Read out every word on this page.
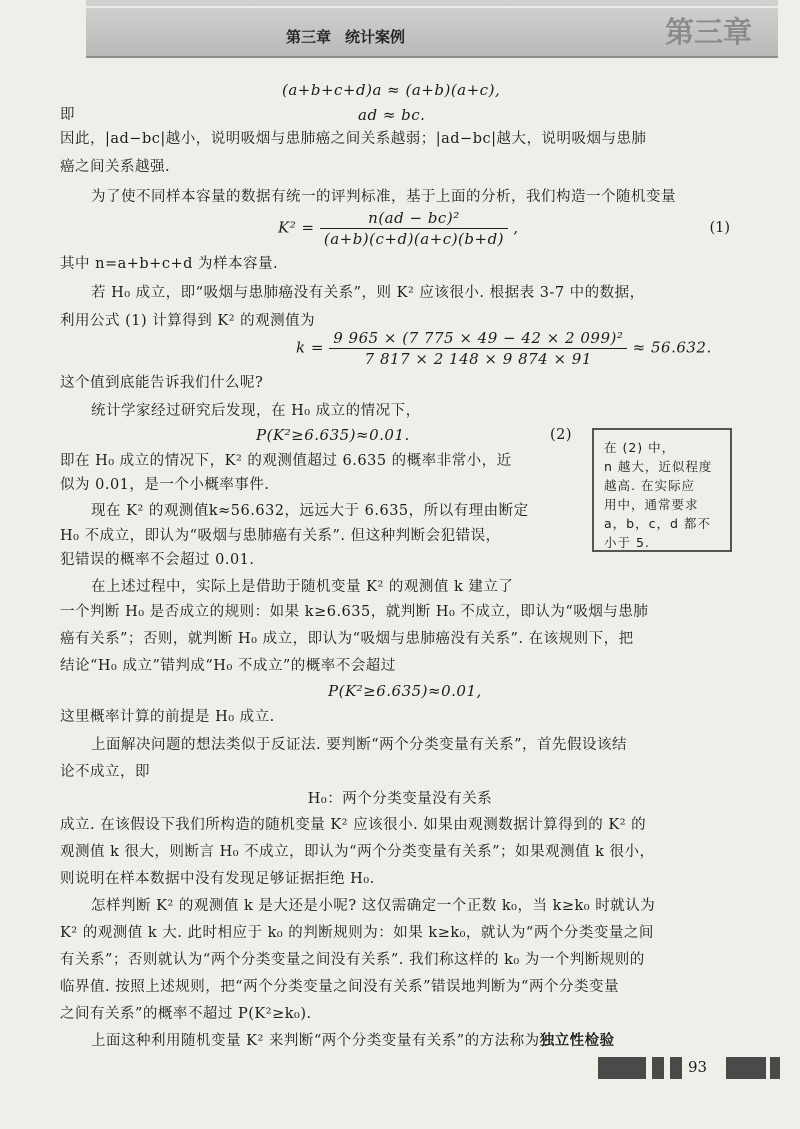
第三章 统计案例	第三章
(a+b+c+d)a ≈ (a+b)(a+c),
即	ad ≈ bc.
因此，|ad−bc|越小，说明吸烟与患肺癌之间关系越弱；|ad−bc|越大，说明吸烟与患肺
癌之间关系越强.
为了使不同样本容量的数据有统一的评判标准，基于上面的分析，我们构造一个随机变量
$K^2 = \frac{\text{n(ad − bc)²}}{(a+b)(c+d)(a+c)(b+d)}$ ,	(1)
其中 n=a+b+c+d 为样本容量.
若 H₀ 成立，即“吸烟与患肺癌没有关系”，则 K² 应该很小. 根据表 3-7 中的数据，
利用公式 (1) 计算得到 K² 的观测值为
$k = \frac{\text{9 965 × (7 775 × 49 − 42 × 2 099)²}}{7 817 \times 2 148 \times 9 874 \times 91} \approx 56.632$.
这个值到底能告诉我们什么呢?
统计学家经过研究后发现，在 H₀ 成立的情况下，
P(K²≥6.635)≈0.01.	(2)
即在 H₀ 成立的情况下，K² 的观测值超过 6.635 的概率非常小，近
似为 0.01，是一个小概率事件.
现在 K² 的观测值k≈56.632，远远大于 6.635，所以有理由断定
H₀ 不成立，即认为“吸烟与患肺癌有关系”. 但这种判断会犯错误，
犯错误的概率不会超过 0.01.
在上述过程中，实际上是借助于随机变量 K² 的观测值 k 建立了
一个判断 H₀ 是否成立的规则：如果 k≥6.635，就判断 H₀ 不成立，即认为“吸烟与患肺
癌有关系”；否则，就判断 H₀ 成立，即认为“吸烟与患肺癌没有关系”. 在该规则下，把
结论“H₀ 成立”错判成“H₀ 不成立”的概率不会超过
P(K²≥6.635)≈0.01,
这里概率计算的前提是 H₀ 成立.
上面解决问题的想法类似于反证法. 要判断“两个分类变量有关系”，首先假设该结
论不成立，即
H₀：两个分类变量没有关系
成立. 在该假设下我们所构造的随机变量 K² 应该很小. 如果由观测数据计算得到的 K² 的
观测值 k 很大，则断言 H₀ 不成立，即认为“两个分类变量有关系”；如果观测值 k 很小，
则说明在样本数据中没有发现足够证据拒绝 H₀.
怎样判断 K² 的观测值 k 是大还是小呢? 这仅需确定一个正数 k₀，当 k≥k₀ 时就认为
K² 的观测值 k 大. 此时相应于 k₀ 的判断规则为：如果 k≥k₀，就认为“两个分类变量之间
有关系”；否则就认为“两个分类变量之间没有关系”. 我们称这样的 k₀ 为一个判断规则的
临界值. 按照上述规则，把“两个分类变量之间没有关系”错误地判断为“两个分类变量
之间有关系”的概率不超过 P(K²≥k₀).
上面这种利用随机变量 K² 来判断“两个分类变量有关系”的方法称为独立性检验
在 (2) 中，
n 越大，近似程度
越高. 在实际应
用中，通常要求
a，b，c，d 都不
小于 5.
93
